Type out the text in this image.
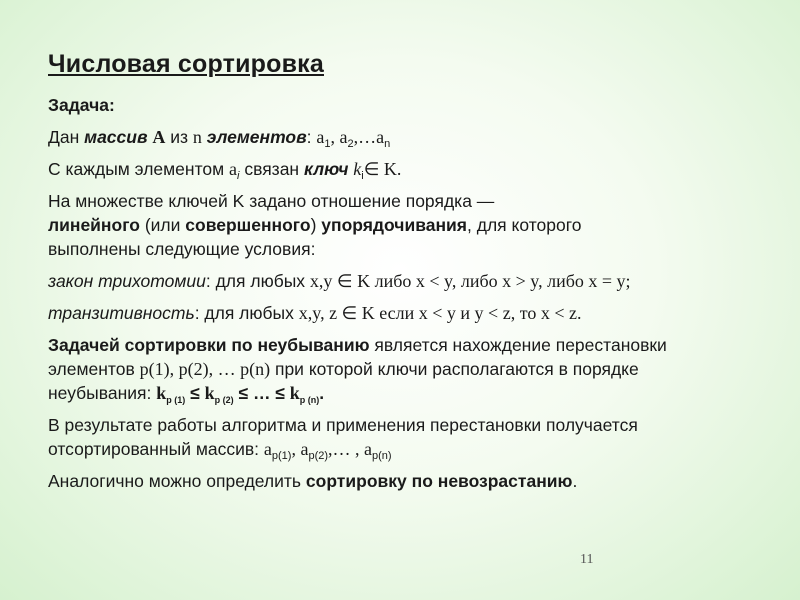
Числовая сортировка

Задача:

Дан массив A из n элементов: $a_1$, $a_2,\dots a_n$

С каждым элементом $a_i$ связан ключ $k_i\in$ K.

На множестве ключей K задано отношение порядка —

линейного (или совершенного) упорядочивания, для которого

выполнены следующие условия:

закон трихотомии: для любых x,y ∈ K либо x < y, либо x > y, либо x = y;

транзитивность: для любых x,y, z ∈ K если x < y и y < z, то x < z.

Задачей сортировки по неубыванию является нахождение перестановки

элементов p(1), p(2), … p(n) при которой ключи располагаются в порядке

неубывания: $k_{p (1)} \le k_{p (2)}$ ≤ … ≤ $k_{p (n)}$.

В результате работы алгоритма и применения перестановки получается

отсортированный массив: $a_{p(1)}$, $a_{p(2)},\dots$ , $a_{p(n)}$

Аналогично можно определить сортировку по невозрастанию.

11
